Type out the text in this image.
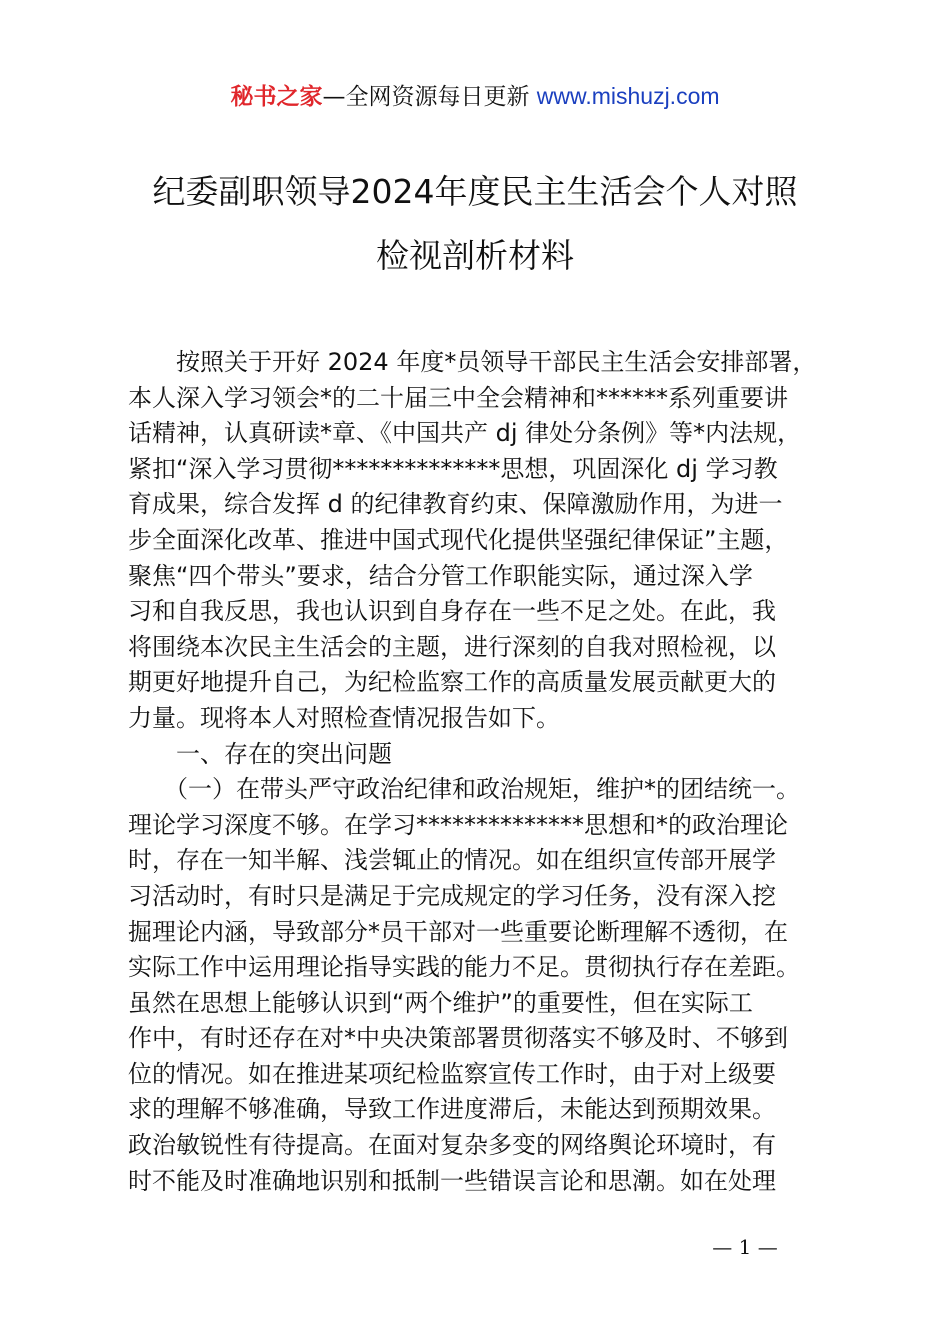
秘书之家—全网资源每日更新 www.mishuzj.com
纪委副职领导2024年度民主生活会个人对照
检视剖析材料
　　按照关于开好 2024 年度*员领导干部民主生活会安排部署，
本人深入学习领会*的二十届三中全会精神和******系列重要讲
话精神，认真研读*章、《中国共产 dj 律处分条例》等*内法规，
紧扣“深入学习贯彻**************思想，巩固深化 dj 学习教
育成果，综合发挥 d 的纪律教育约束、保障激励作用，为进一
步全面深化改革、推进中国式现代化提供坚强纪律保证”主题，
聚焦“四个带头”要求，结合分管工作职能实际，通过深入学
习和自我反思，我也认识到自身存在一些不足之处。在此，我
将围绕本次民主生活会的主题，进行深刻的自我对照检视，以
期更好地提升自己，为纪检监察工作的高质量发展贡献更大的
力量。现将本人对照检查情况报告如下。
　　一、存在的突出问题
　　（一）在带头严守政治纪律和政治规矩，维护*的团结统一。
理论学习深度不够。在学习**************思想和*的政治理论
时，存在一知半解、浅尝辄止的情况。如在组织宣传部开展学
习活动时，有时只是满足于完成规定的学习任务，没有深入挖
掘理论内涵，导致部分*员干部对一些重要论断理解不透彻，在
实际工作中运用理论指导实践的能力不足。贯彻执行存在差距。
虽然在思想上能够认识到“两个维护”的重要性，但在实际工
作中，有时还存在对*中央决策部署贯彻落实不够及时、不够到
位的情况。如在推进某项纪检监察宣传工作时，由于对上级要
求的理解不够准确，导致工作进度滞后，未能达到预期效果。
政治敏锐性有待提高。在面对复杂多变的网络舆论环境时，有
时不能及时准确地识别和抵制一些错误言论和思潮。如在处理
— 1 —
